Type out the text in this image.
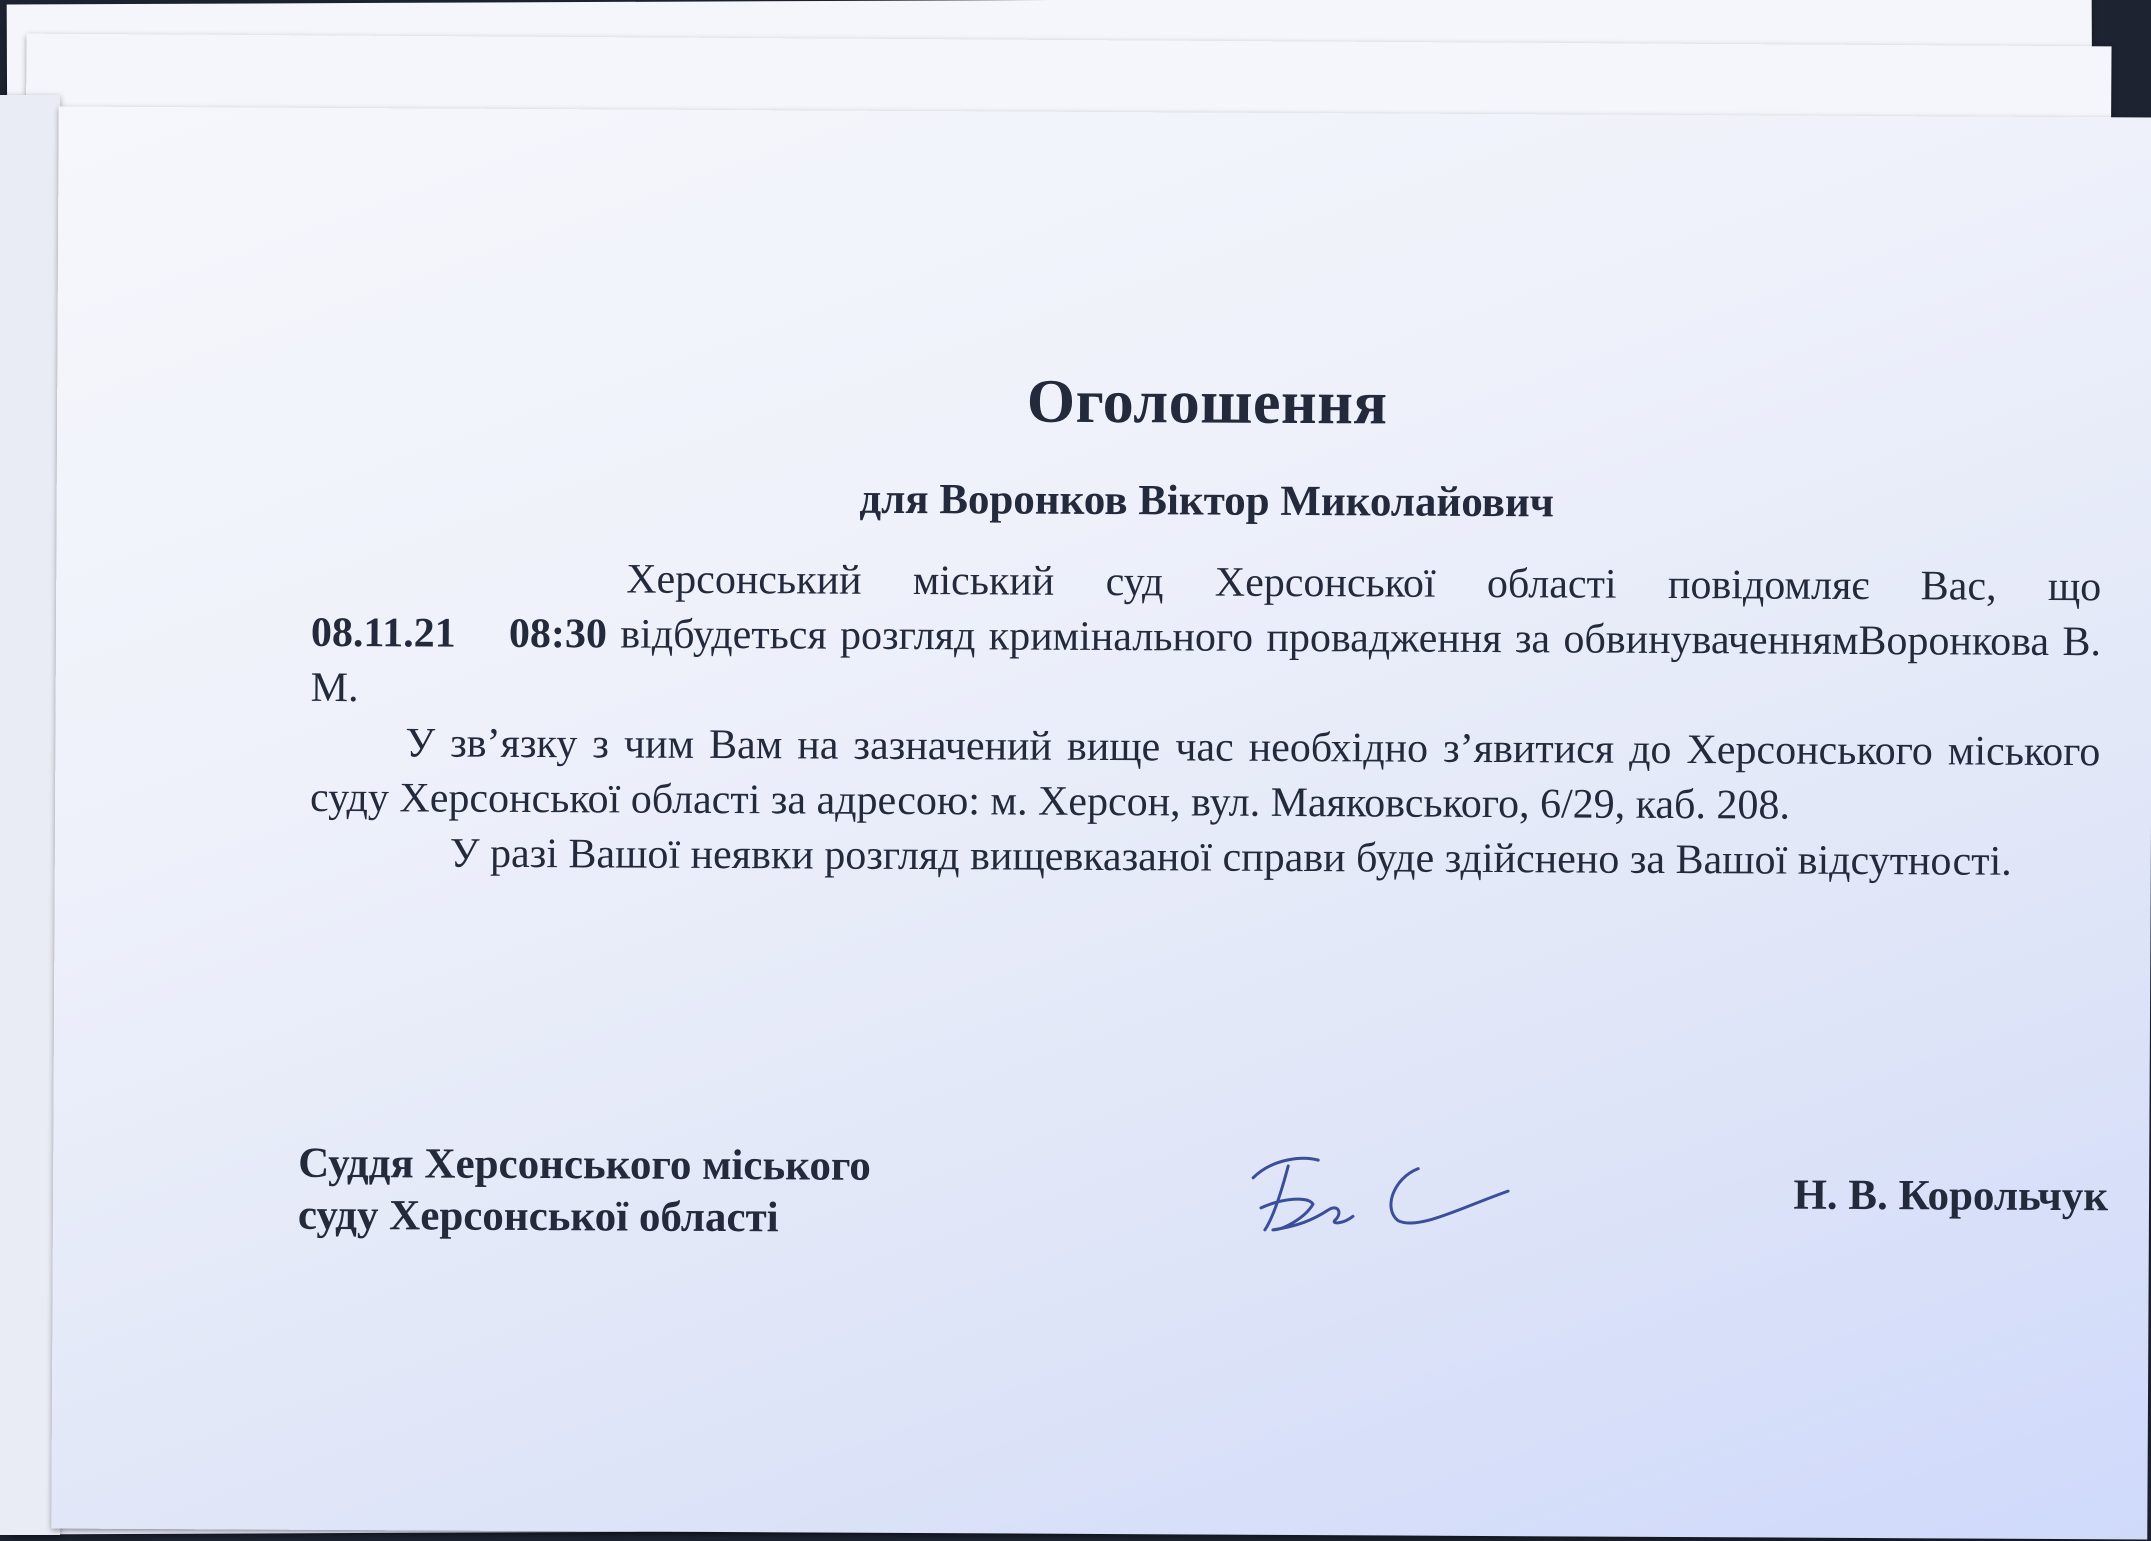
Оголошення
для Воронков Віктор Миколайович

Херсонський міський суд Херсонської області повідомляє Вас, що 08.11.21 08:30 відбудеться розгляд кримінального провадження за обвинуваченнямВоронкова В. М.

У зв’язку з чим Вам на зазначений вище час необхідно з’явитися до Херсонського міського суду Херсонської області за адресою: м. Херсон, вул. Маяковського, 6/29, каб. 208.

У разі Вашої неявки розгляд вищевказаної справи буде здійснено за Вашої відсутності.

Суддя Херсонського міського
суду Херсонської області	Н. В. Корольчук
